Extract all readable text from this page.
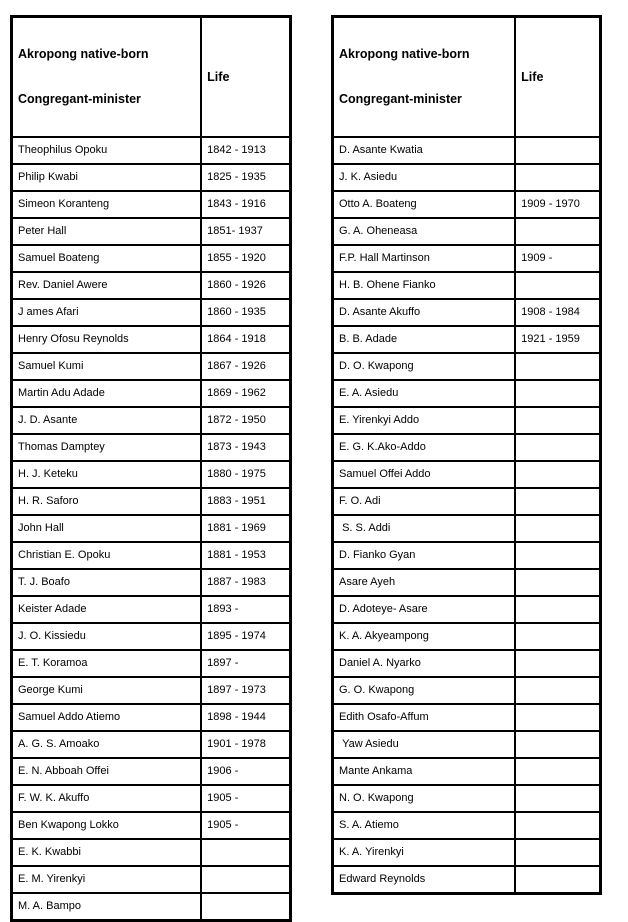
Akropong native-born

Congregant-minister	Life

Theophilus Opoku	1842 - 1913
Philip Kwabi	1825 - 1935
Simeon Koranteng	1843 - 1916
Peter Hall	1851- 1937
Samuel Boateng	1855 - 1920
Rev. Daniel Awere	1860 - 1926
J ames Afari	1860 - 1935
Henry Ofosu Reynolds	1864 - 1918
Samuel Kumi	1867 - 1926
Martin Adu Adade	1869 - 1962
J. D. Asante	1872 - 1950
Thomas Damptey	1873 - 1943
H. J. Keteku	1880 - 1975
H. R. Saforo	1883 - 1951
John Hall	1881 - 1969
Christian E. Opoku	1881 - 1953
T. J. Boafo	1887 - 1983
Keister Adade	1893 -
J. O. Kissiedu	1895 - 1974
E. T. Koramoa	1897 -
George Kumi	1897 - 1973
Samuel Addo Atiemo	1898 - 1944
A. G. S. Amoako	1901 - 1978
E. N. Abboah Offei	1906 -
F. W. K. Akuffo	1905 -
Ben Kwapong Lokko	1905 -
E. K. Kwabbi	
E. M. Yirenkyi	
M. A. Bampo	

Akropong native-born

Congregant-minister	Life

D. Asante Kwatia	
J. K. Asiedu	
Otto A. Boateng	1909 - 1970
G. A. Oheneasa	
F.P. Hall Martinson	1909 -
H. B. Ohene Fianko	
D. Asante Akuffo	1908 - 1984
B. B. Adade	1921 - 1959
D. O. Kwapong	
E. A. Asiedu	
E. Yirenkyi Addo	
E. G. K.Ako-Addo	
Samuel Offei Addo	
F. O. Adi	
S. S. Addi	
D. Fianko Gyan	
Asare Ayeh	
D. Adoteye- Asare	
K. A. Akyeampong	
Daniel A. Nyarko	
G. O. Kwapong	
Edith Osafo-Affum	
Yaw Asiedu	
Mante Ankama	
N. O. Kwapong	
S. A. Atiemo	
K. A. Yirenkyi	
Edward Reynolds	
